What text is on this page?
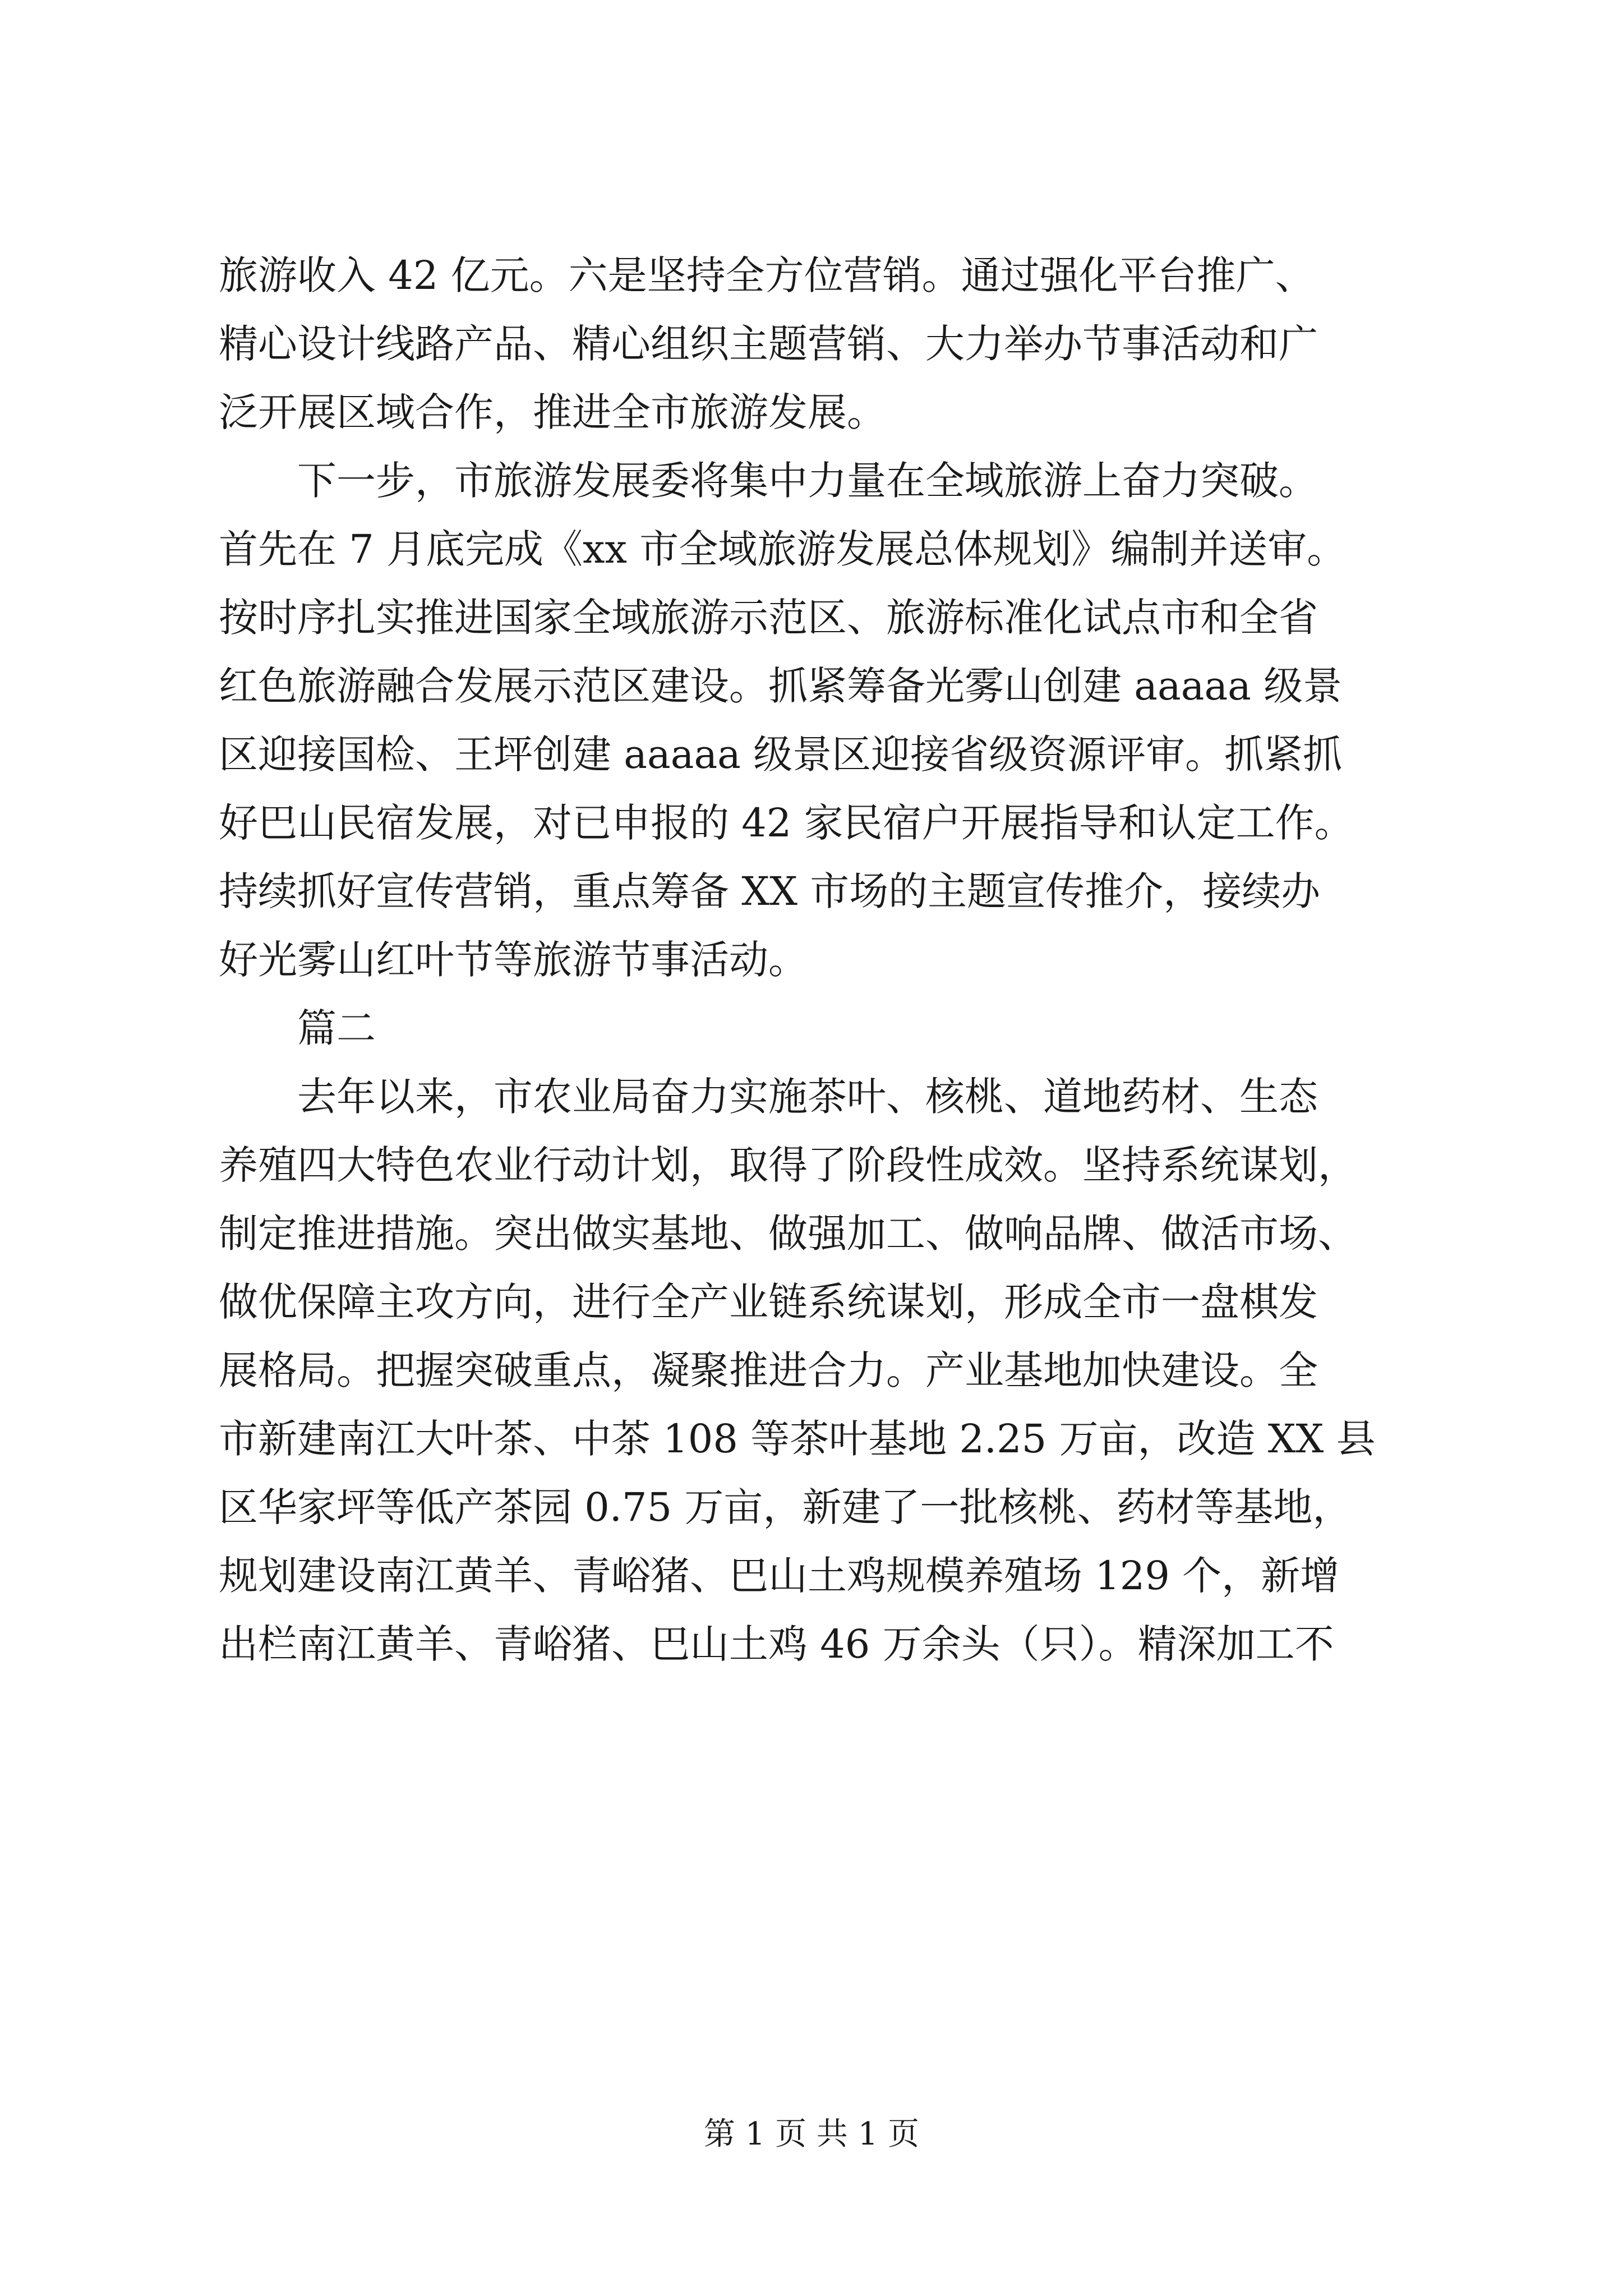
旅游收入 42 亿元。六是坚持全方位营销。通过强化平台推广、
精心设计线路产品、精心组织主题营销、大力举办节事活动和广
泛开展区域合作，推进全市旅游发展。
下一步，市旅游发展委将集中力量在全域旅游上奋力突破。
首先在 7 月底完成《xx 市全域旅游发展总体规划》编制并送审。
按时序扎实推进国家全域旅游示范区、旅游标准化试点市和全省
红色旅游融合发展示范区建设。抓紧筹备光雾山创建 aaaaa 级景
区迎接国检、王坪创建 aaaaa 级景区迎接省级资源评审。抓紧抓
好巴山民宿发展，对已申报的 42 家民宿户开展指导和认定工作。
持续抓好宣传营销，重点筹备 XX 市场的主题宣传推介，接续办
好光雾山红叶节等旅游节事活动。
篇二
去年以来，市农业局奋力实施茶叶、核桃、道地药材、生态
养殖四大特色农业行动计划，取得了阶段性成效。坚持系统谋划，
制定推进措施。突出做实基地、做强加工、做响品牌、做活市场、
做优保障主攻方向，进行全产业链系统谋划，形成全市一盘棋发
展格局。把握突破重点，凝聚推进合力。产业基地加快建设。全
市新建南江大叶茶、中茶 108 等茶叶基地 2.25 万亩，改造 XX 县
区华家坪等低产茶园 0.75 万亩，新建了一批核桃、药材等基地，
规划建设南江黄羊、青峪猪、巴山土鸡规模养殖场 129 个，新增
出栏南江黄羊、青峪猪、巴山土鸡 46 万余头（只）。精深加工不
第 1 页 共 1 页
